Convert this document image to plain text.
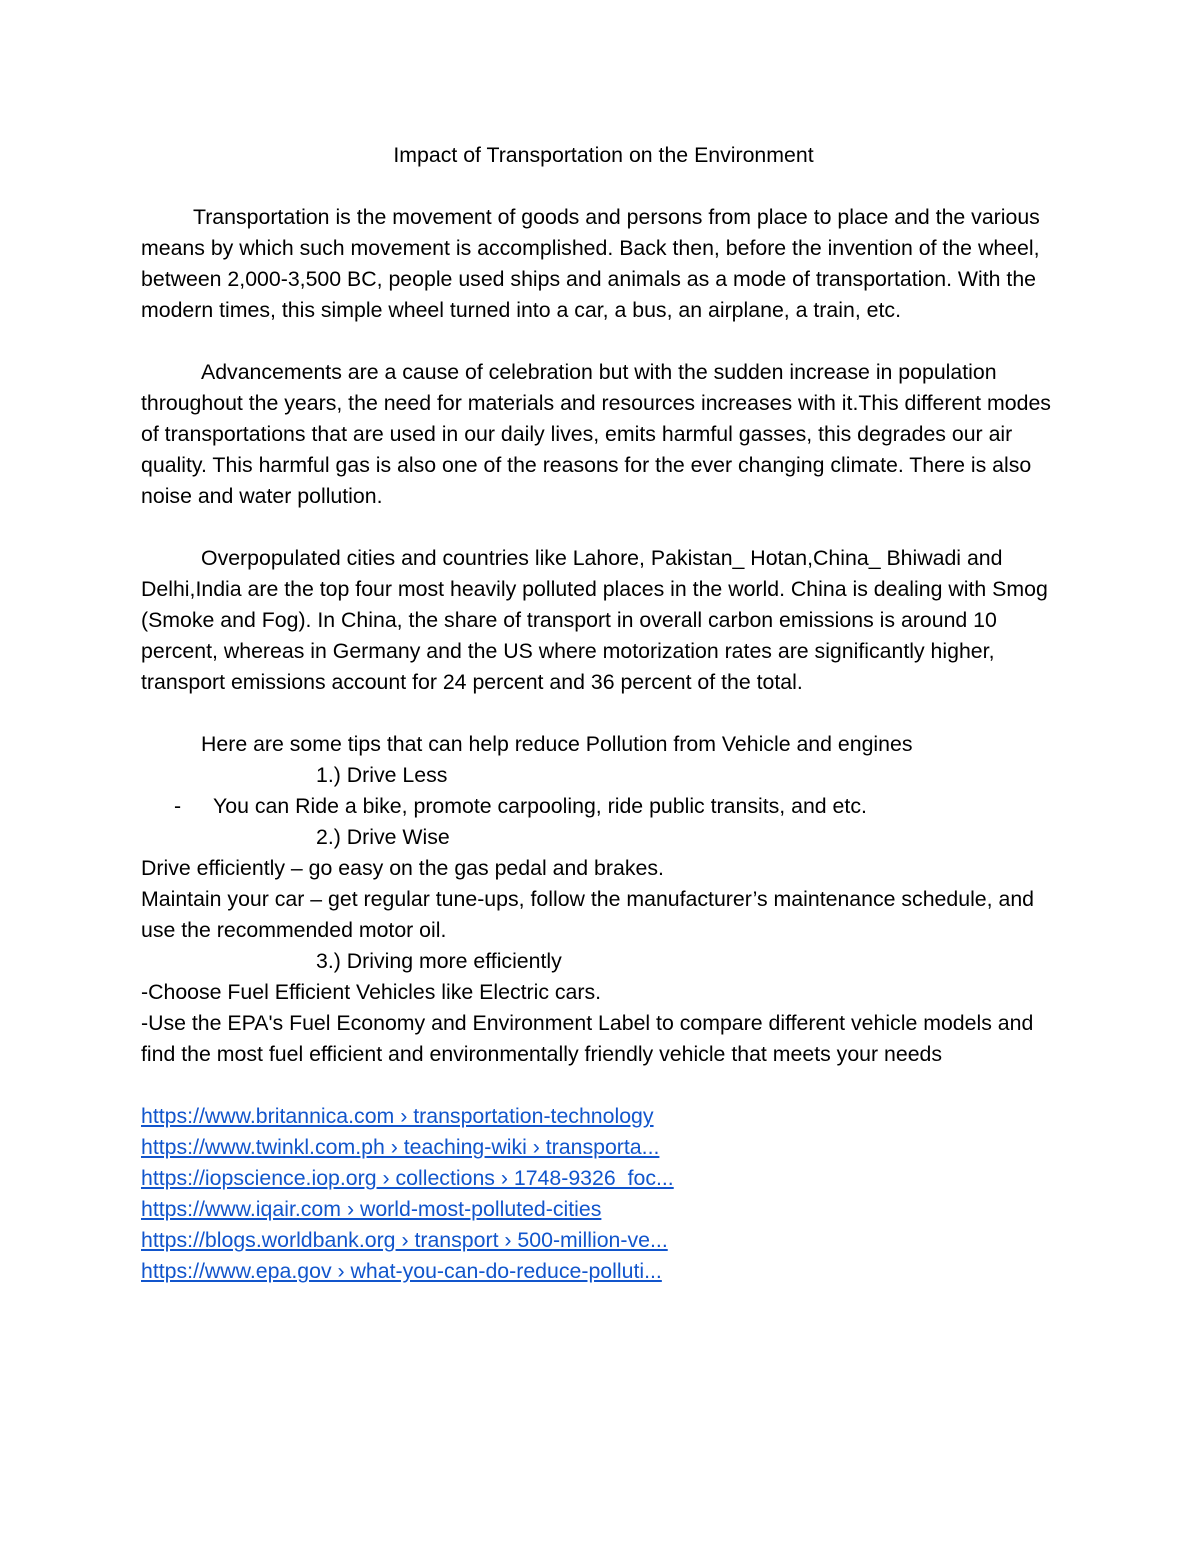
Impact of Transportation on the Environment

Transportation is the movement of goods and persons from place to place and the various means by which such movement is accomplished. Back then, before the invention of the wheel, between 2,000-3,500 BC, people used ships and animals as a mode of transportation. With the modern times, this simple wheel turned into a car, a bus, an airplane, a train, etc.

Advancements are a cause of celebration but with the sudden increase in population throughout the years, the need for materials and resources increases with it.This different modes of transportations that are used in our daily lives, emits harmful gasses, this degrades our air quality. This harmful gas is also one of the reasons for the ever changing climate. There is also noise and water pollution.

Overpopulated cities and countries like Lahore, Pakistan_ Hotan,China_ Bhiwadi and Delhi,India are the top four most heavily polluted places in the world. China is dealing with Smog (Smoke and Fog). In China, the share of transport in overall carbon emissions is around 10 percent, whereas in Germany and the US where motorization rates are significantly higher, transport emissions account for 24 percent and 36 percent of the total.

Here are some tips that can help reduce Pollution from Vehicle and engines

1.) Drive Less

- You can Ride a bike, promote carpooling, ride public transits, and etc.

2.) Drive Wise

Drive efficiently – go easy on the gas pedal and brakes.

Maintain your car – get regular tune-ups, follow the manufacturer’s maintenance schedule, and use the recommended motor oil.

3.) Driving more efficiently

-Choose Fuel Efficient Vehicles like Electric cars.

-Use the EPA's Fuel Economy and Environment Label to compare different vehicle models and find the most fuel efficient and environmentally friendly vehicle that meets your needs

https://www.britannica.com › transportation-technology
https://www.twinkl.com.ph › teaching-wiki › transporta...
https://iopscience.iop.org › collections › 1748-9326_foc...
https://www.iqair.com › world-most-polluted-cities
https://blogs.worldbank.org › transport › 500-million-ve...
https://www.epa.gov › what-you-can-do-reduce-polluti...
